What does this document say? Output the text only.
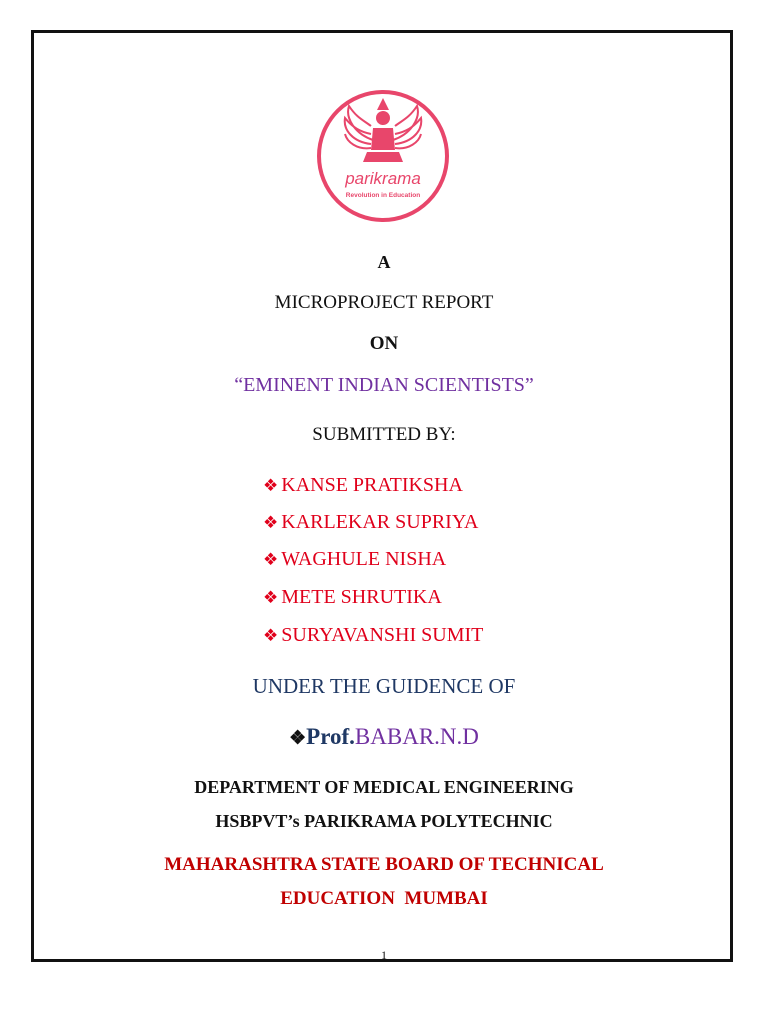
parikrama
Revolution in Education
A
MICROPROJECT REPORT
ON
“EMINENT INDIAN SCIENTISTS”
SUBMITTED BY:
❖ KANSE PRATIKSHA
❖ KARLEKAR SUPRIYA
❖ WAGHULE NISHA
❖ METE SHRUTIKA
❖ SURYAVANSHI SUMIT
UNDER THE GUIDENCE OF
❖Prof.BABAR.N.D
DEPARTMENT OF MEDICAL ENGINEERING
HSBPVT’s PARIKRAMA POLYTECHNIC
MAHARASHTRA STATE BOARD OF TECHNICAL
EDUCATION  MUMBAI
1
